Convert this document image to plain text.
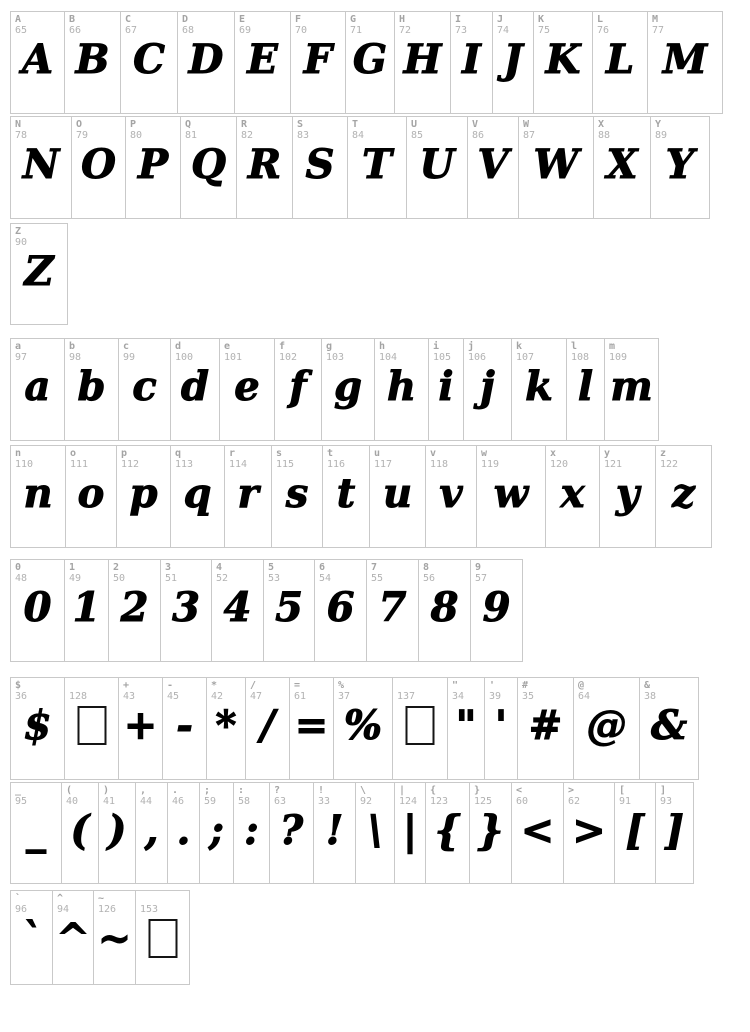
A
65
A
B
66
B
C
67
C
D
68
D
E
69
E
F
70
F
G
71
G
H
72
H
I
73
I
J
74
J
K
75
K
L
76
L
M
77
M
N
78
N
O
79
O
P
80
P
Q
81
Q
R
82
R
S
83
S
T
84
T
U
85
U
V
86
V
W
87
W
X
88
X
Y
89
Y
Z
90
Z
a
97
a
b
98
b
c
99
c
d
100
d
e
101
e
f
102
f
g
103
g
h
104
h
i
105
i
j
106
j
k
107
k
l
108
l
m
109
m
n
110
n
o
111
o
p
112
p
q
113
q
r
114
r
s
115
s
t
116
t
u
117
u
v
118
v
w
119
w
x
120
x
y
121
y
z
122
z
0
48
0
1
49
1
2
50
2
3
51
3
4
52
4
5
53
5
6
54
6
7
55
7
8
56
8
9
57
9
$
36
$
128
+
43
+
-
45
-
*
42
*
/
47
/
=
61
=
%
37
%
137
"
34
"
'
39
'
#
35
#
@
64
@
&
38
&
_
95
_
(
40
(
)
41
)
,
44
,
.
46
.
;
59
;
:
58
:
?
63
?
!
33
!
\
92
\
|
124
|
{
123
{
}
125
}
<
60
<
>
62
>
[
91
[
]
93
]
`
96
`
^
94
^
~
126
~
153
